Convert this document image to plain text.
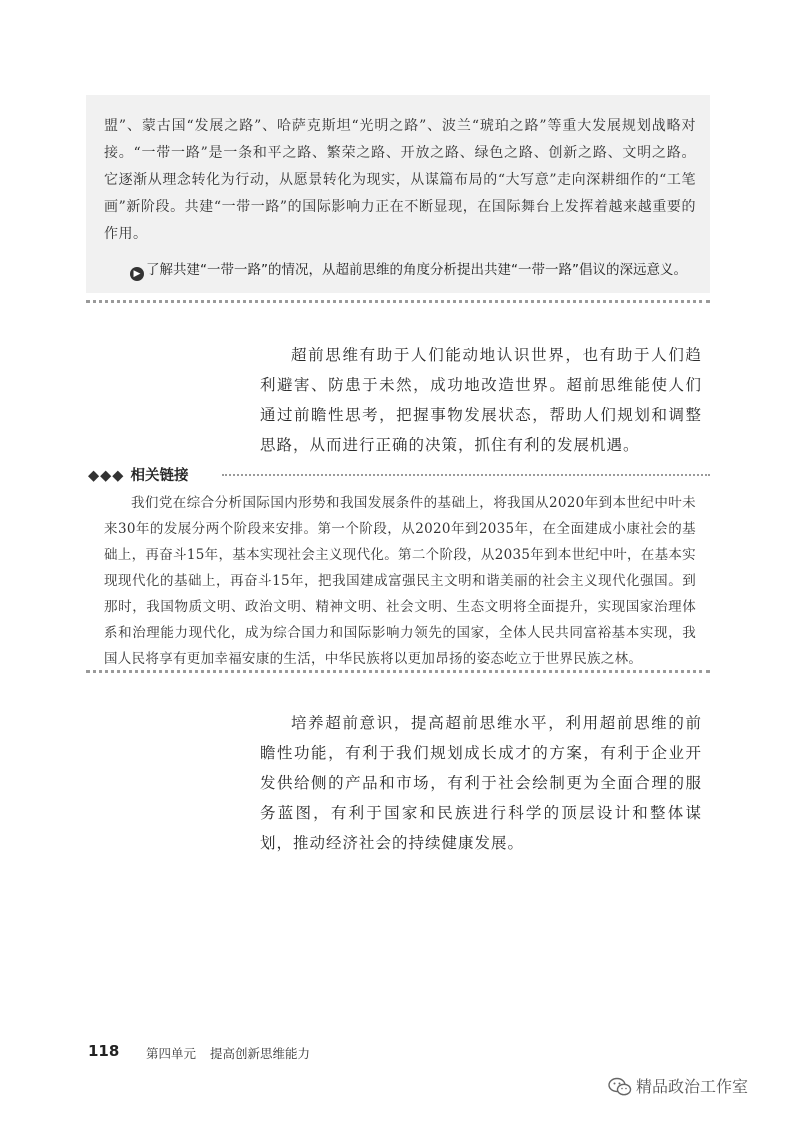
盟”、蒙古国“发展之路”、哈萨克斯坦“光明之路”、波兰“琥珀之路”等重大发展规划战略对接。“一带一路”是一条和平之路、繁荣之路、开放之路、绿色之路、创新之路、文明之路。它逐渐从理念转化为行动，从愿景转化为现实，从谋篇布局的“大写意”走向深耕细作的“工笔画”新阶段。共建“一带一路”的国际影响力正在不断显现，在国际舞台上发挥着越来越重要的作用。

▶ 了解共建“一带一路”的情况，从超前思维的角度分析提出共建“一带一路”倡议的深远意义。

超前思维有助于人们能动地认识世界，也有助于人们趋利避害、防患于未然，成功地改造世界。超前思维能使人们通过前瞻性思考，把握事物发展状态，帮助人们规划和调整思路，从而进行正确的决策，抓住有利的发展机遇。

◆◆◆ 相关链接

我们党在综合分析国际国内形势和我国发展条件的基础上，将我国从2020年到本世纪中叶未来30年的发展分两个阶段来安排。第一个阶段，从2020年到2035年，在全面建成小康社会的基础上，再奋斗15年，基本实现社会主义现代化。第二个阶段，从2035年到本世纪中叶，在基本实现现代化的基础上，再奋斗15年，把我国建成富强民主文明和谐美丽的社会主义现代化强国。到那时，我国物质文明、政治文明、精神文明、社会文明、生态文明将全面提升，实现国家治理体系和治理能力现代化，成为综合国力和国际影响力领先的国家，全体人民共同富裕基本实现，我国人民将享有更加幸福安康的生活，中华民族将以更加昂扬的姿态屹立于世界民族之林。

培养超前意识，提高超前思维水平，利用超前思维的前瞻性功能，有利于我们规划成长成才的方案，有利于企业开发供给侧的产品和市场，有利于社会绘制更为全面合理的服务蓝图，有利于国家和民族进行科学的顶层设计和整体谋划，推动经济社会的持续健康发展。

118 第四单元 提高创新思维能力
精品政治工作室
